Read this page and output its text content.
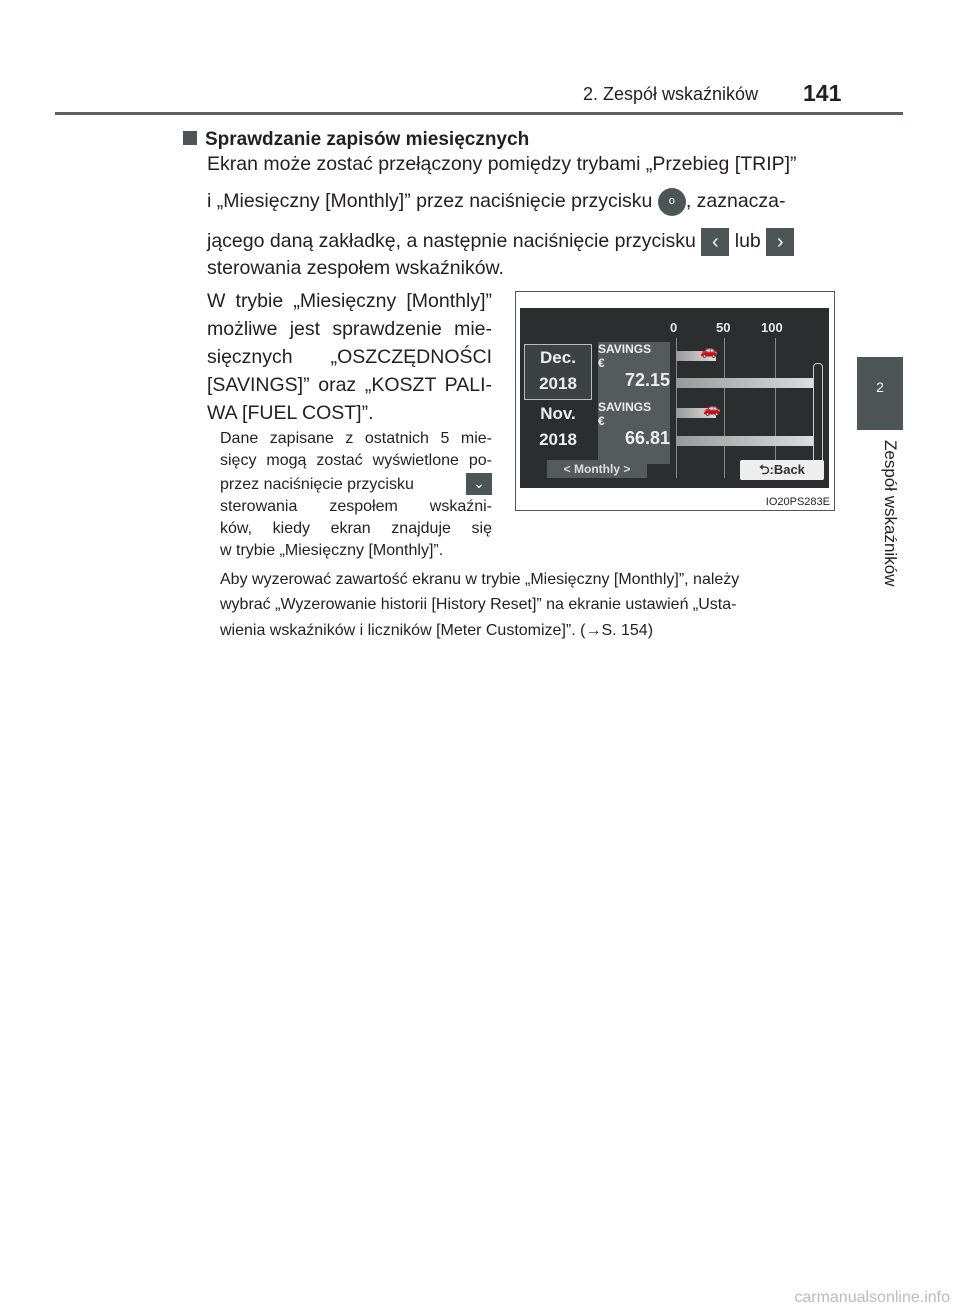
2. Zespół wskaźników 141
2
Zespół wskaźników
Sprawdzanie zapisów miesięcznych
Ekran może zostać przełączony pomiędzy trybami „Przebieg [TRIP]”
i „Miesięczny [Monthly]” przez naciśnięcie przycisku o , zaznacza-
jącego daną zakładkę, a następnie naciśnięcie przycisku ‹ lub ›
sterowania zespołem wskaźników.
W trybie „Miesięczny [Monthly]”
możliwe jest sprawdzenie mie-
sięcznych „OSZCZĘDNOŚCI
[SAVINGS]” oraz „KOSZT PALI-
WA [FUEL COST]”.
Dane zapisane z ostatnich 5 mie-
sięcy mogą zostać wyświetlone po-
przez naciśnięcie przycisku	⌄
sterowania zespołem wskaźni-
ków, kiedy ekran znajduje się
w trybie „Miesięczny [Monthly]”.
Aby wyzerować zawartość ekranu w trybie „Miesięczny [Monthly]”, należy
wybrać „Wyzerowanie historii [History Reset]” na ekranie ustawień „Usta-
wienia wskaźników i liczników [Meter Customize]”. (→S. 154)
0	50 100
Dec.
2018
SAVINGS
€
72.15
🚗
Nov.
2018
SAVINGS
€
66.81
🚗
< Monthly >	⮌:Back
IO20PS283E
carmanualsonline.info
